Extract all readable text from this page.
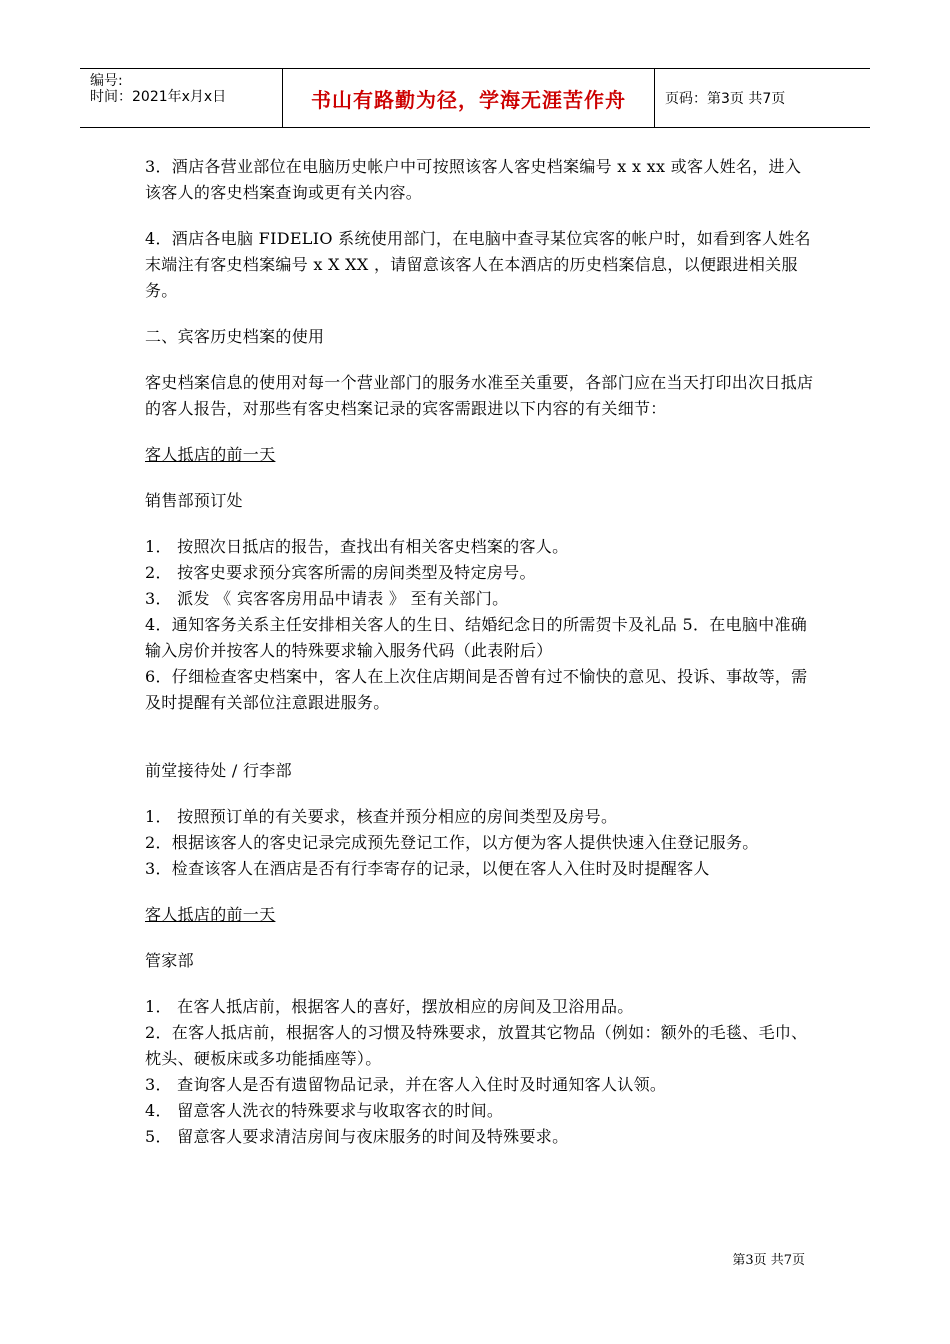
编号:
时间：2021年x月x日	书山有路勤为径，学海无涯苦作舟	页码：第3页 共7页
3．酒店各营业部位在电脑历史帐户中可按照该客人客史档案编号 x x xx 或客人姓名，进入该客人的客史档案查询或更有关内容。
4．酒店各电脑 FIDELIO 系统使用部门，在电脑中查寻某位宾客的帐户时，如看到客人姓名末端注有客史档案编号 x X XX ，请留意该客人在本酒店的历史档案信息，以便跟进相关服务。
二、宾客历史档案的使用
客史档案信息的使用对每一个营业部门的服务水准至关重要，各部门应在当天打印出次日抵店的客人报告，对那些有客史档案记录的宾客需跟进以下内容的有关细节：
客人抵店的前一天
销售部预订处
1． 按照次日抵店的报告，查找出有相关客史档案的客人。
2． 按客史要求预分宾客所需的房间类型及特定房号。
3． 派发 《 宾客客房用品中请表 》 至有关部门。
4．通知客务关系主任安排相关客人的生日、结婚纪念日的所需贺卡及礼品 5．在电脑中准确输入房价并按客人的特殊要求输入服务代码（此表附后）
6．仔细检查客史档案中，客人在上次住店期间是否曾有过不愉快的意见、投诉、事故等，需及时提醒有关部位注意跟进服务。
前堂接待处 / 行李部
1． 按照预订单的有关要求，核查并预分相应的房间类型及房号。
2．根据该客人的客史记录完成预先登记工作，以方便为客人提供快速入住登记服务。
3．检查该客人在酒店是否有行李寄存的记录，以便在客人入住时及时提醒客人
客人抵店的前一天
管家部
1． 在客人抵店前，根据客人的喜好，摆放相应的房间及卫浴用品。
2．在客人抵店前，根据客人的习惯及特殊要求，放置其它物品（例如：额外的毛毯、毛巾、枕头、硬板床或多功能插座等）。
3． 查询客人是否有遗留物品记录，并在客人入住时及时通知客人认领。
4． 留意客人洗衣的特殊要求与收取客衣的时间。
5． 留意客人要求清洁房间与夜床服务的时间及特殊要求。
第3页 共7页
